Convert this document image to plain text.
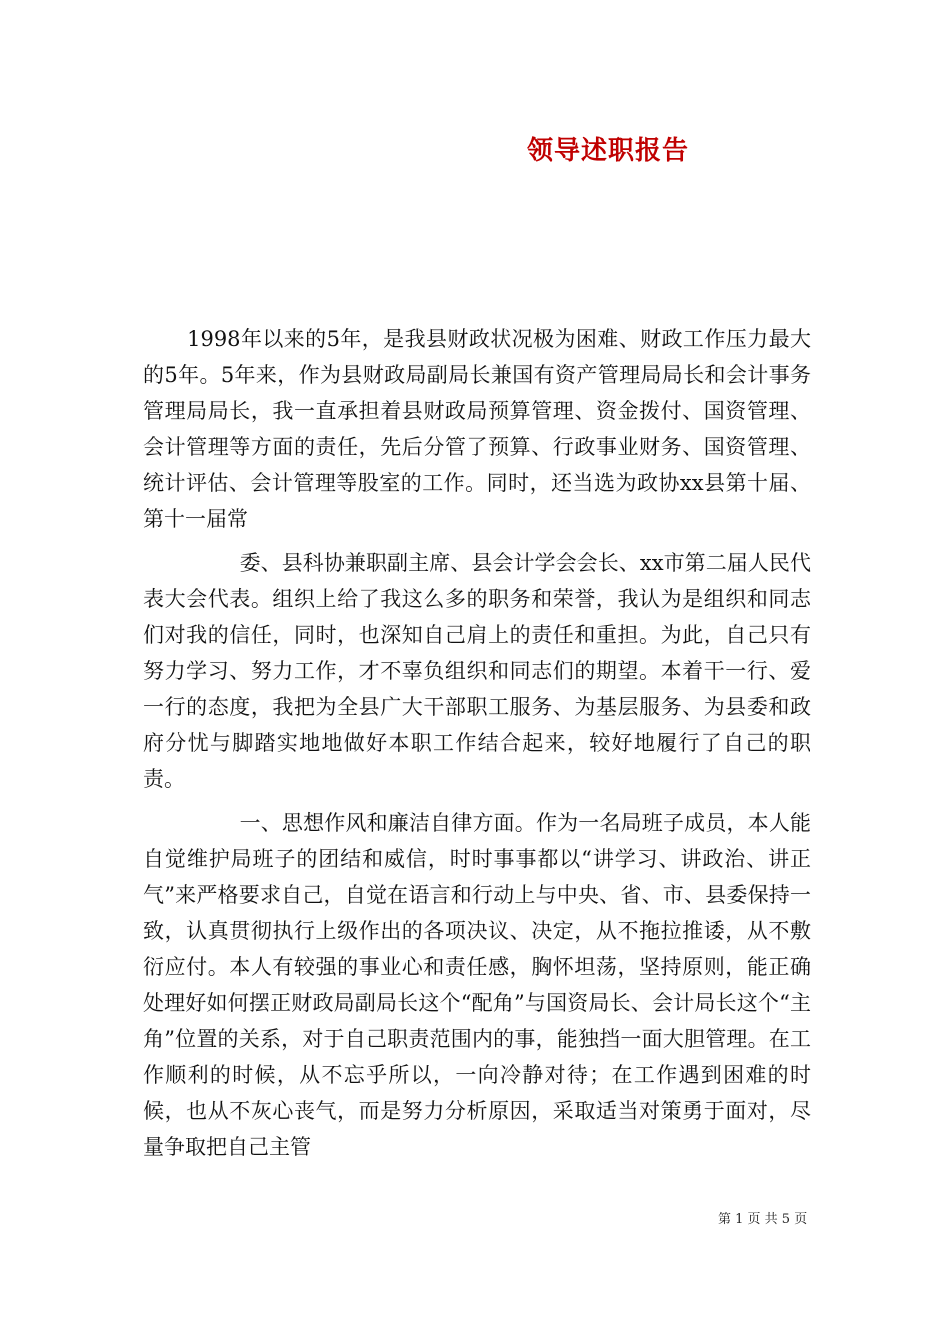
领导述职报告

1998年以来的5年，是我县财政状况极为困难、财政工作压力最大的5年。5年来，作为县财政局副局长兼国有资产管理局局长和会计事务管理局局长，我一直承担着县财政局预算管理、资金拨付、国资管理、会计管理等方面的责任，先后分管了预算、行政事业财务、国资管理、统计评估、会计管理等股室的工作。同时，还当选为政协xx县第十届、第十一届常

委、县科协兼职副主席、县会计学会会长、xx市第二届人民代表大会代表。组织上给了我这么多的职务和荣誉，我认为是组织和同志们对我的信任，同时，也深知自己肩上的责任和重担。为此，自己只有努力学习、努力工作，才不辜负组织和同志们的期望。本着干一行、爱一行的态度，我把为全县广大干部职工服务、为基层服务、为县委和政府分忧与脚踏实地地做好本职工作结合起来，较好地履行了自己的职责。

一、思想作风和廉洁自律方面。作为一名局班子成员，本人能自觉维护局班子的团结和威信，时时事事都以“讲学习、讲政治、讲正气”来严格要求自己，自觉在语言和行动上与中央、省、市、县委保持一致，认真贯彻执行上级作出的各项决议、决定，从不拖拉推诿，从不敷衍应付。本人有较强的事业心和责任感，胸怀坦荡，坚持原则，能正确处理好如何摆正财政局副局长这个“配角”与国资局长、会计局长这个“主角”位置的关系，对于自己职责范围内的事，能独挡一面大胆管理。在工作顺利的时候，从不忘乎所以，一向冷静对待；在工作遇到困难的时候，也从不灰心丧气，而是努力分析原因，采取适当对策勇于面对，尽量争取把自己主管

第 1 页 共 5 页
